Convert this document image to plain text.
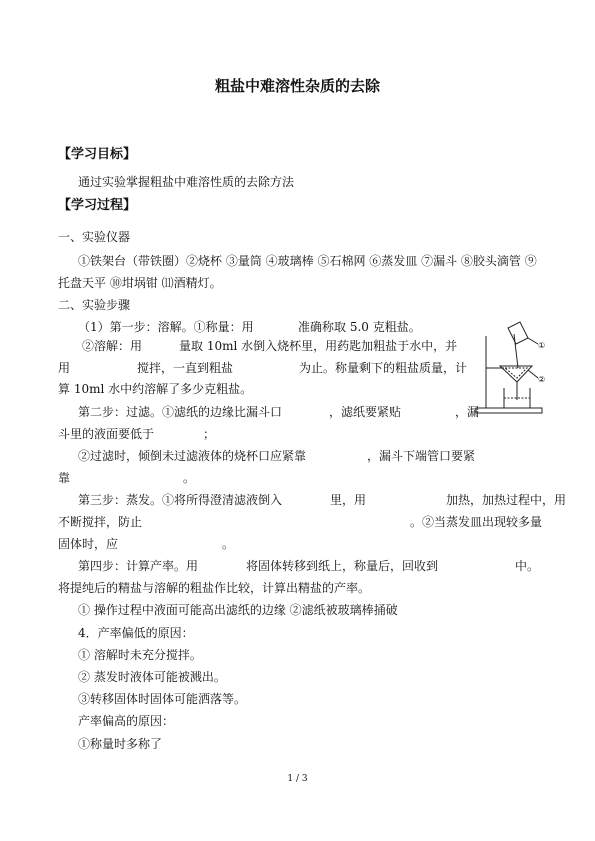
粗盐中难溶性杂质的去除
【学习目标】
通过实验掌握粗盐中难溶性质的去除方法
【学习过程】
一、实验仪器
①铁架台（带铁圈）②烧杯 ③量筒 ④玻璃棒 ⑤石棉网 ⑥蒸发皿 ⑦漏斗 ⑧胶头滴管 ⑨
托盘天平 ⑩坩埚钳 ⑾酒精灯。
二、实验步骤
（1）第一步：溶解。①称量：用	准确称取 5.0 克粗盐。
②溶解：用	量取 10ml 水倒入烧杯里，用药匙加粗盐于水中，并
用	搅拌，一直到粗盐	为止。称量剩下的粗盐质量，计
算 10ml 水中约溶解了多少克粗盐。
第二步：过滤。①滤纸的边缘比漏斗口	，滤纸要紧贴	，漏
斗里的液面要低于	；
②过滤时，倾倒未过滤液体的烧杯口应紧靠	，漏斗下端管口要紧
靠	。
第三步：蒸发。①将所得澄清滤液倒入	里，用	加热，加热过程中，用
不断搅拌，防止	。②当蒸发皿出现较多量
固体时，应	。
第四步：计算产率。用	将固体转移到纸上，称量后，回收到	中。
将提纯后的精盐与溶解的粗盐作比较，计算出精盐的产率。
① 操作过程中液面可能高出滤纸的边缘 ②滤纸被玻璃棒捅破
4．产率偏低的原因：
① 溶解时未充分搅拌。
② 蒸发时液体可能被溅出。
③转移固体时固体可能洒落等。
产率偏高的原因：
①称量时多称了
①
②
1 / 3
